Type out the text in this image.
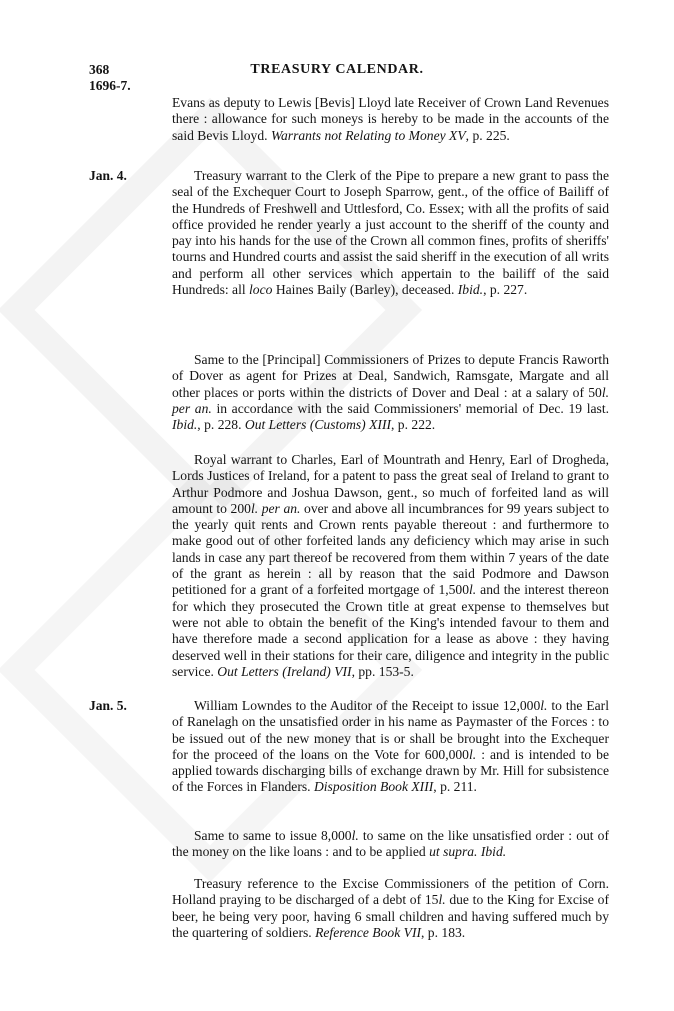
368	TREASURY CALENDAR.
1696-7.

Evans as deputy to Lewis [Bevis] Lloyd late Receiver of Crown Land Revenues there : allowance for such moneys is hereby to be made in the accounts of the said Bevis Lloyd. Warrants not Relating to Money XV, p. 225.

Jan. 4.	Treasury warrant to the Clerk of the Pipe to prepare a new grant to pass the seal of the Exchequer Court to Joseph Sparrow, gent., of the office of Bailiff of the Hundreds of Freshwell and Uttlesford, Co. Essex; with all the profits of said office provided he render yearly a just account to the sheriff of the county and pay into his hands for the use of the Crown all common fines, profits of sheriffs' tourns and Hundred courts and assist the said sheriff in the execution of all writs and perform all other services which appertain to the bailiff of the said Hundreds: all loco Haines Baily (Barley), deceased. Ibid., p. 227.

Same to the [Principal] Commissioners of Prizes to depute Francis Raworth of Dover as agent for Prizes at Deal, Sandwich, Ramsgate, Margate and all other places or ports within the districts of Dover and Deal : at a salary of 50l. per an. in accordance with the said Commissioners' memorial of Dec. 19 last. Ibid., p. 228. Out Letters (Customs) XIII, p. 222.

Royal warrant to Charles, Earl of Mountrath and Henry, Earl of Drogheda, Lords Justices of Ireland, for a patent to pass the great seal of Ireland to grant to Arthur Podmore and Joshua Dawson, gent., so much of forfeited land as will amount to 200l. per an. over and above all incumbrances for 99 years subject to the yearly quit rents and Crown rents payable thereout : and furthermore to make good out of other forfeited lands any deficiency which may arise in such lands in case any part thereof be recovered from them within 7 years of the date of the grant as herein : all by reason that the said Podmore and Dawson petitioned for a grant of a forfeited mortgage of 1,500l. and the interest thereon for which they prosecuted the Crown title at great expense to themselves but were not able to obtain the benefit of the King's intended favour to them and have therefore made a second application for a lease as above : they having deserved well in their stations for their care, diligence and integrity in the public service. Out Letters (Ireland) VII, pp. 153-5.

Jan. 5.	William Lowndes to the Auditor of the Receipt to issue 12,000l. to the Earl of Ranelagh on the unsatisfied order in his name as Paymaster of the Forces : to be issued out of the new money that is or shall be brought into the Exchequer for the proceed of the loans on the Vote for 600,000l. : and is intended to be applied towards discharging bills of exchange drawn by Mr. Hill for subsistence of the Forces in Flanders. Disposition Book XIII, p. 211.

Same to same to issue 8,000l. to same on the like unsatisfied order : out of the money on the like loans : and to be applied ut supra. Ibid.

Treasury reference to the Excise Commissioners of the petition of Corn. Holland praying to be discharged of a debt of 15l. due to the King for Excise of beer, he being very poor, having 6 small children and having suffered much by the quartering of soldiers. Reference Book VII, p. 183.
